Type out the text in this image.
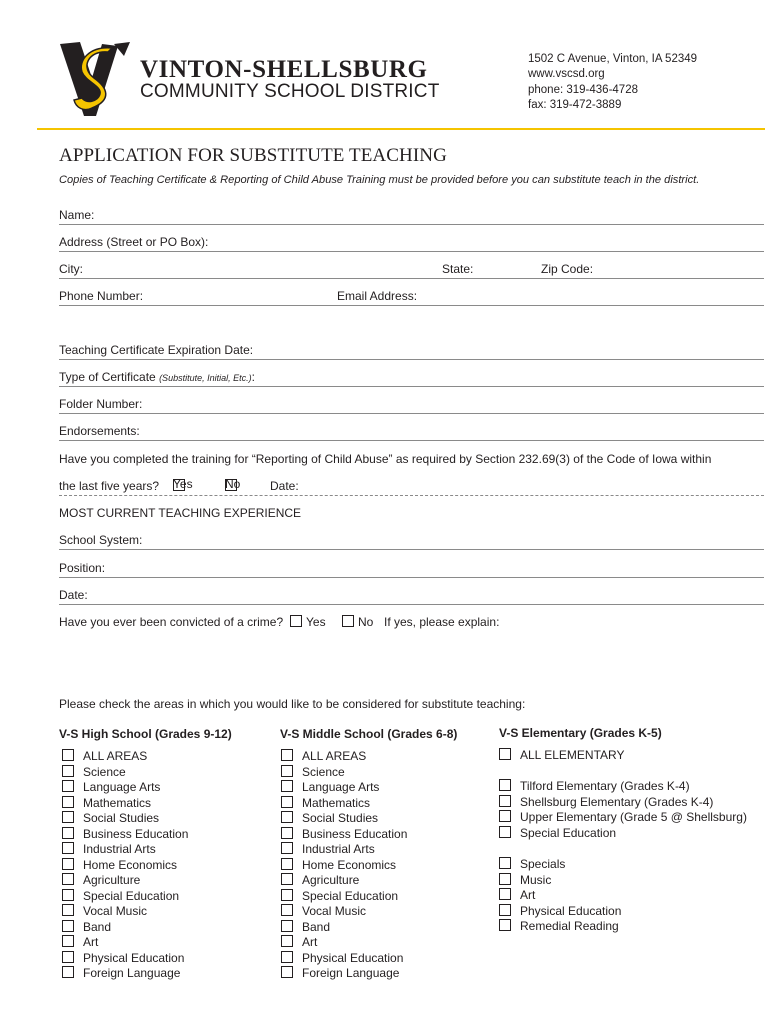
VINTON-SHELLSBURG
COMMUNITY SCHOOL DISTRICT
1502 C Avenue, Vinton, IA 52349
www.vscsd.org
phone: 319-436-4728
fax: 319-472-3889
APPLICATION FOR SUBSTITUTE TEACHING
Copies of Teaching Certificate & Reporting of Child Abuse Training must be provided before you can substitute teach in the district.
Name:
Address (Street or PO Box):
City:	State:	Zip Code:
Phone Number:	Email Address:
Teaching Certificate Expiration Date:
Type of Certificate (Substitute, Initial, Etc.):
Folder Number:
Endorsements:
Have you completed the training for “Reporting of Child Abuse” as required by Section 232.69(3) of the Code of Iowa within
the last five years? Yes	No Date:
MOST CURRENT TEACHING EXPERIENCE
School System:
Position:
Date:
Have you ever been convicted of a crime?	Yes	No If yes, please explain:
Please check the areas in which you would like to be considered for substitute teaching:
V-S High School (Grades 9-12)
ALL AREAS
Science
Language Arts
Mathematics
Social Studies
Business Education
Industrial Arts
Home Economics
Agriculture
Special Education
Vocal Music
Band
Art
Physical Education
Foreign Language
V-S Middle School (Grades 6-8)
ALL AREAS
Science
Language Arts
Mathematics
Social Studies
Business Education
Industrial Arts
Home Economics
Agriculture
Special Education
Vocal Music
Band
Art
Physical Education
Foreign Language
V-S Elementary (Grades K-5)
ALL ELEMENTARY
Tilford Elementary (Grades K-4)
Shellsburg Elementary (Grades K-4)
Upper Elementary (Grade 5 @ Shellsburg)
Special Education
Specials
Music
Art
Physical Education
Remedial Reading
